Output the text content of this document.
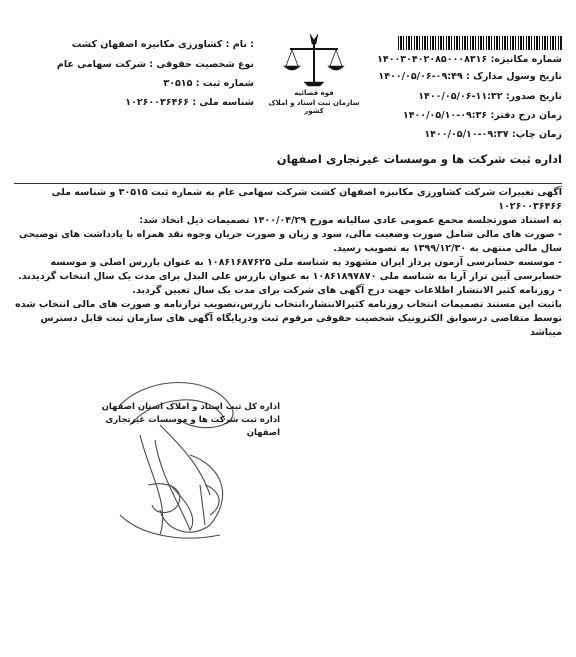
شماره مکانیزه: ۱۴۰۰۳۰۴۰۲۰۸۵۰۰۰۸۳۱۶
تاریخ وسول مدارک : ۰۹:۴۹-۱۴۰۰/۰۵/۰۶
تاریخ صدور: ۱۱:۳۲-۱۴۰۰/۰۵/۰۶
زمان درج دفتر: ۰۹:۳۶-۱۴۰۰/۰۵/۱۰
زمان چاپ: ۰۹:۳۷-۱۴۰۰/۰۵/۱۰
قوه قضائیه
سازمان ثبت اسناد و املاک کشور
: نام : کشاورزی مکانیزه اصفهان کشت
نوع شخصیت حقوقی : شرکت سهامی عام
شماره ثبت : ۳۰۵۱۵
شناسه ملی : ۱۰۲۶۰۰۳۶۴۶۶
اداره ثبت شرکت ها و موسسات غیرتجاری اصفهان

آگهی تغییرات شرکت کشاورزی مکانیزه اصفهان کشت شرکت سهامی عام به شماره ثبت ۳۰۵۱۵ و شناسه ملی ۱۰۲۶۰۰۳۶۴۶۶

به استناد صورتجلسه مجمع عمومی عادی سالیانه مورخ ۱۴۰۰/۰۴/۲۹ تصمیمات ذیل اتخاذ شد:

- صورت های مالی شامل صورت وضعیت مالی، سود و زیان و صورت جریان وجوه نقد همراه با یادداشت های توضیحی سال مالی منتهی به ۱۳۹۹/۱۲/۳۰ به تصویب رسید.

- موسسه حسابرسی آزمون پرداز ایران مشهود به شناسه ملی ۱۰۸۶۱۶۸۷۶۲۵ به عنوان بازرس اصلی و موسسه حسابرسی آیین تراز آریا به شناسه ملی ۱۰۸۶۱۸۹۷۸۷۰ به عنوان بازرس علی البدل برای مدت یک سال انتخاب گردیدند.

- روزنامه کثیر الانتشار اطلاعات جهت درج آگهی های شرکت برای مدت یک سال تعیین گردید.

باثبت این مستند تصمیمات انتخاب روزنامه کثیرالانتشار،انتخاب بازرس،تصویب ترازنامه و صورت های مالی انتخاب شده توسط متقاضی درسوابق الکترونیک شخصیت حقوقی مرقوم ثبت ودرپایگاه آگهی های سازمان ثبت قابل دسترس میباشد

اداره کل ثبت اسناد و املاک استان اصفهان
اداره ثبت شرکت ها و موسسات غیرتجاری اصفهان
